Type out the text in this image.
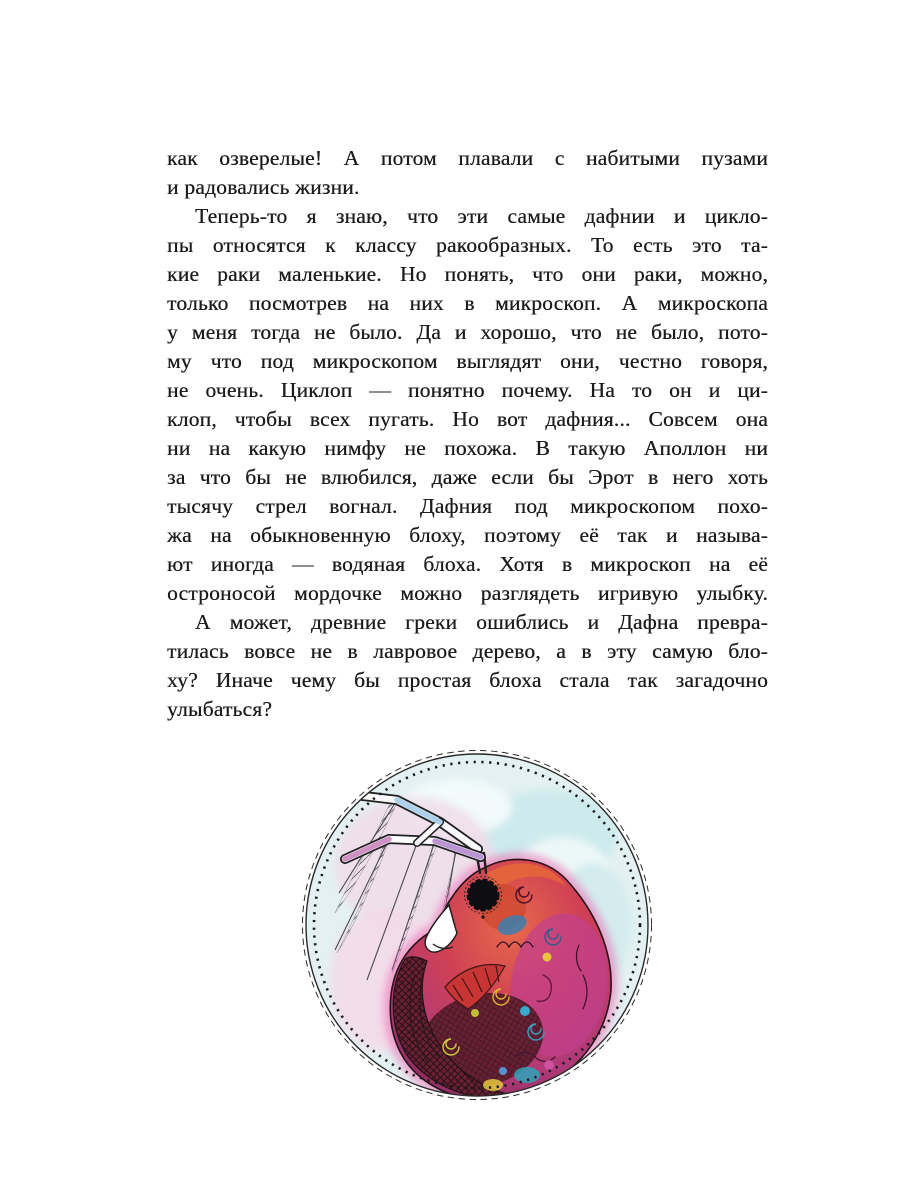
как озверелые! А потом плавали с набитыми пузами
и радовались жизни.
Теперь-то я знаю, что эти самые дафнии и цикло-
пы относятся к классу ракообразных. То есть это та-
кие раки маленькие. Но понять, что они раки, можно,
только посмотрев на них в микроскоп. А микроскопа
у меня тогда не было. Да и хорошо, что не было, пото-
му что под микроскопом выглядят они, честно говоря,
не очень. Циклоп — понятно почему. На то он и ци-
клоп, чтобы всех пугать. Но вот дафния... Совсем она
ни на какую нимфу не похожа. В такую Аполлон ни
за что бы не влюбился, даже если бы Эрот в него хоть
тысячу стрел вогнал. Дафния под микроскопом похо-
жа на обыкновенную блоху, поэтому её так и называ-
ют иногда — водяная блоха. Хотя в микроскоп на её
остроносой мордочке можно разглядеть игривую улыбку.
А может, древние греки ошиблись и Дафна превра-
тилась вовсе не в лавровое дерево, а в эту самую бло-
ху? Иначе чему бы простая блоха стала так загадочно
улыбаться?
